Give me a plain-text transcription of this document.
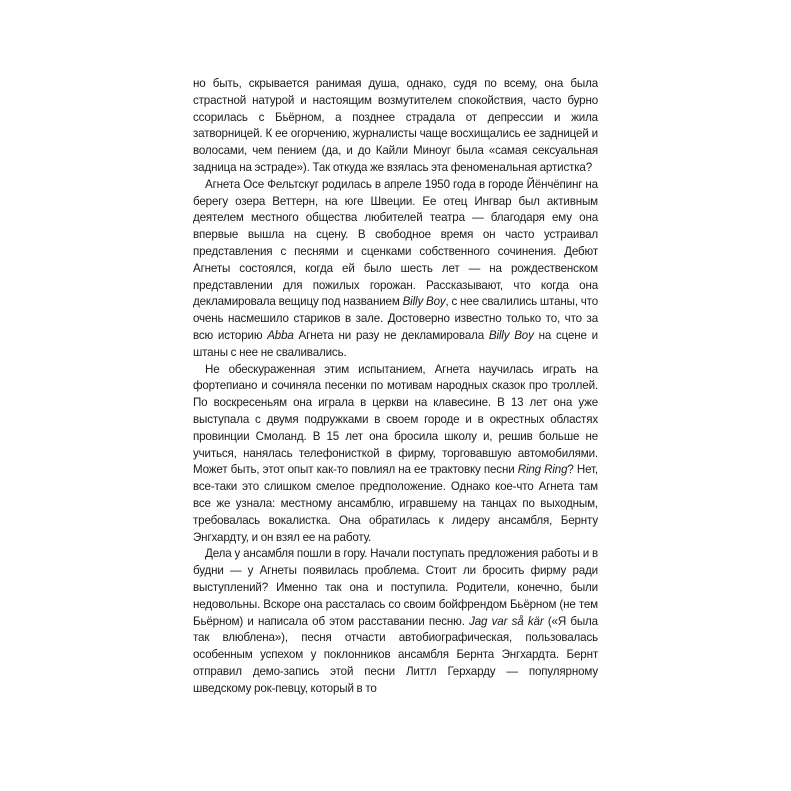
но быть, скрывается ранимая душа, однако, судя по всему, она была страстной натурой и настоящим возмутителем спокойствия, часто бурно ссорилась с Бьёрном, а позднее страдала от депрессии и жила затворницей. К ее огорчению, журналисты чаще восхищались ее задницей и волосами, чем пением (да, и до Кайли Миноуг была «самая сексуальная задница на эстраде»). Так откуда же взялась эта феноменальная артистка?

Агнета Осе Фельтскуг родилась в апреле 1950 года в городе Йёнчёпинг на берегу озера Веттерн, на юге Швеции. Ее отец Ингвар был активным деятелем местного общества любителей театра — благодаря ему она впервые вышла на сцену. В свободное время он часто устраивал представления с песнями и сценками собственного сочинения. Дебют Агнеты состоялся, когда ей было шесть лет — на рождественском представлении для пожилых горожан. Рассказывают, что когда она декламировала вещицу под названием Billy Boy, с нее свалились штаны, что очень насмешило стариков в зале. Достоверно известно только то, что за всю историю Abba Агнета ни разу не декламировала Billy Boy на сцене и штаны с нее не сваливались.

Не обескураженная этим испытанием, Агнета научилась играть на фортепиано и сочиняла песенки по мотивам народных сказок про троллей. По воскресеньям она играла в церкви на клавесине. В 13 лет она уже выступала с двумя подружками в своем городе и в окрестных областях провинции Смоланд. В 15 лет она бросила школу и, решив больше не учиться, нанялась телефонисткой в фирму, торговавшую автомобилями. Может быть, этот опыт как-то повлиял на ее трактовку песни Ring Ring? Нет, все-таки это слишком смелое предположение. Однако кое-что Агнета там все же узнала: местному ансамблю, игравшему на танцах по выходным, требовалась вокалистка. Она обратилась к лидеру ансамбля, Бернту Энгхардту, и он взял ее на работу.

Дела у ансамбля пошли в гору. Начали поступать предложения работы и в будни — у Агнеты появилась проблема. Стоит ли бросить фирму ради выступлений? Именно так она и поступила. Родители, конечно, были недовольны. Вскоре она рассталась со своим бойфрендом Бьёрном (не тем Бьёрном) и написала об этом расставании песню. Jag var så kär («Я была так влюблена»), песня отчасти автобиографическая, пользовалась особенным успехом у поклонников ансамбля Бернта Энгхардта. Бернт отправил демо-запись этой песни Литтл Герхарду — популярному шведскому рок-певцу, который в то
